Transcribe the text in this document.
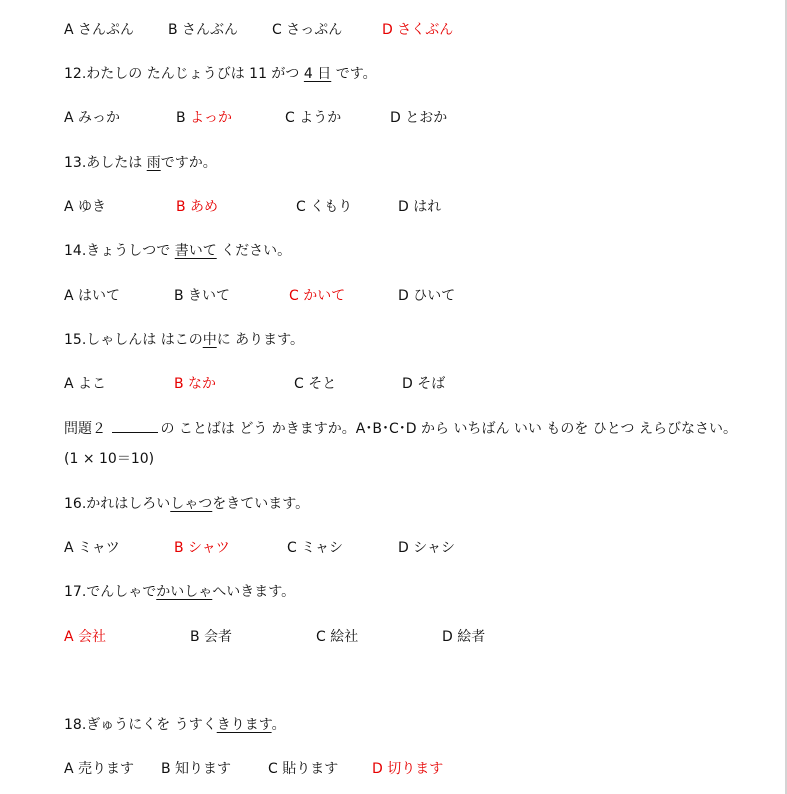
A さんぷん B さんぶん C さっぷん	D さくぶん
12.わたしの たんじょうびは 11 がつ 4 日 です。
A みっか	B よっか	C ようか	D とおか
13.あしたは 雨ですか。
A ゆき	B あめ	C くもり	D はれ
14.きょうしつで 書いて ください。
A はいて	B きいて	C かいて	D ひいて
15.しゃしんは はこの中に あります。
A よこ	B なか	C そと	D そば
問題２	の ことばは どう かきますか。A･B･C･D から いちばん いい ものを ひとつ えらびなさい。
(1 × 10＝10)
16.かれはしろいしゃつをきています。
A ミャツ	B シャツ	C ミャシ	D シャシ
17.でんしゃでかいしゃへいきます。
A 会社	B 会者	C 絵社	D 絵者
18.ぎゅうにくを うすくきります。
A 売ります B 知ります	C 貼ります D 切ります
